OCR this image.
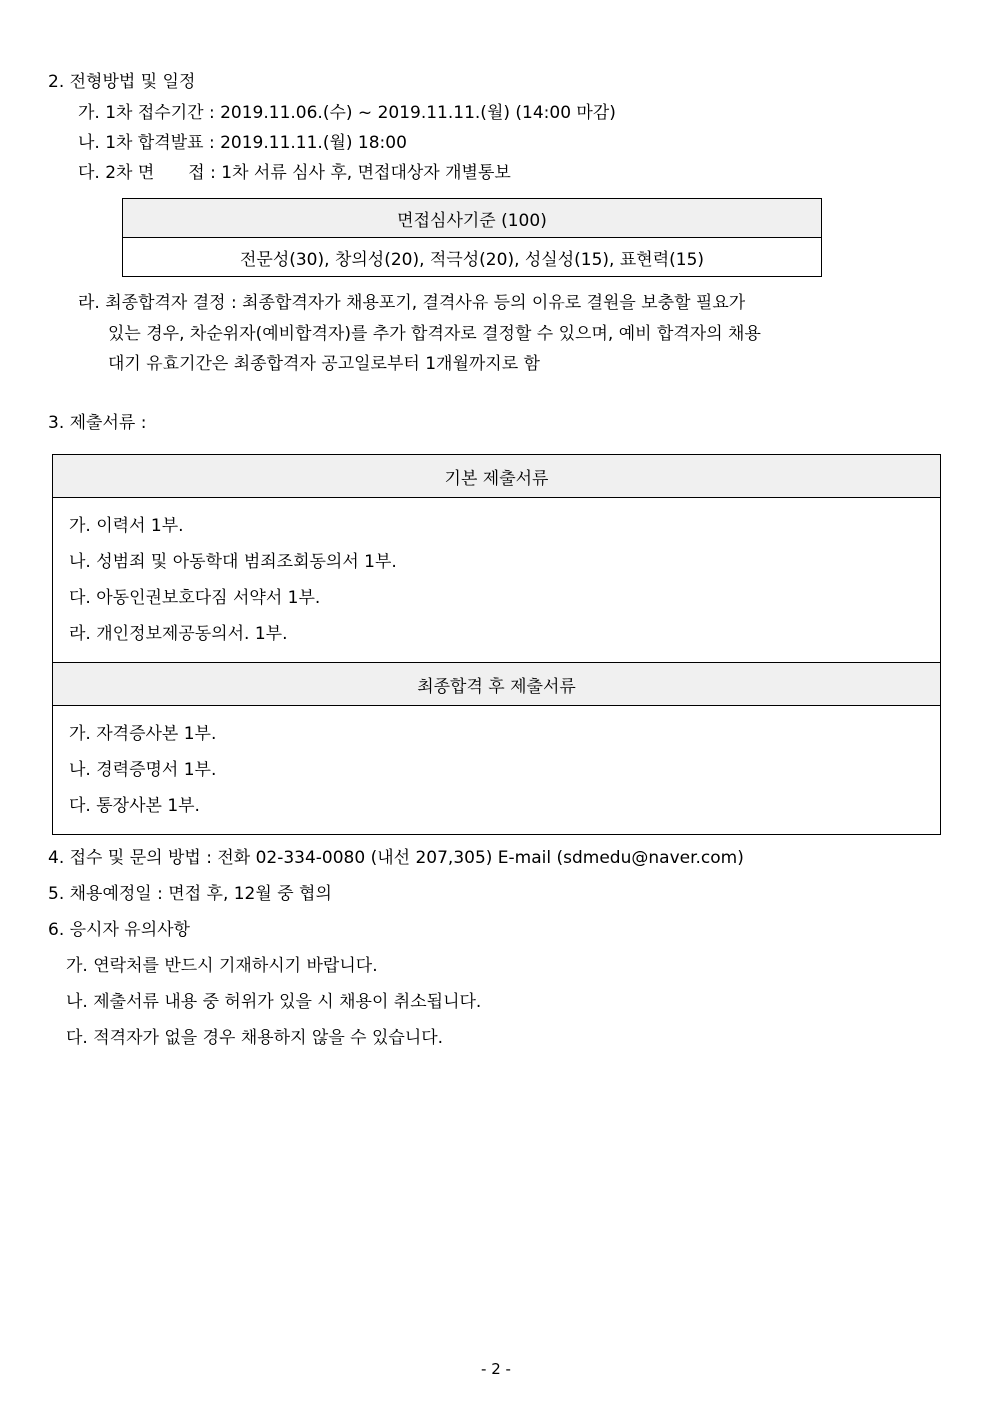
2. 전형방법 및 일정
가. 1차 접수기간 : 2019.11.06.(수) ~ 2019.11.11.(월) (14:00 마감)
나. 1차 합격발표 : 2019.11.11.(월) 18:00
다. 2차 면　　접 : 1차 서류 심사 후, 면접대상자 개별통보
면접심사기준 (100)
전문성(30), 창의성(20), 적극성(20), 성실성(15), 표현력(15)
라. 최종합격자 결정 : 최종합격자가 채용포기, 결격사유 등의 이유로 결원을 보충할 필요가
있는 경우, 차순위자(예비합격자)를 추가 합격자로 결정할 수 있으며, 예비 합격자의 채용
대기 유효기간은 최종합격자 공고일로부터 1개월까지로 함
3. 제출서류 :
기본 제출서류

가. 이력서 1부.
나. 성범죄 및 아동학대 범죄조회동의서 1부.
다. 아동인권보호다짐 서약서 1부.
라. 개인정보제공동의서. 1부.

최종합격 후 제출서류

가. 자격증사본 1부.
나. 경력증명서 1부.
다. 통장사본 1부.
4. 접수 및 문의 방법 : 전화 02-334-0080 (내선 207,305) E-mail (sdmedu@naver.com)
5. 채용예정일 : 면접 후, 12월 중 협의
6. 응시자 유의사항
가. 연락처를 반드시 기재하시기 바랍니다.
나. 제출서류 내용 중 허위가 있을 시 채용이 취소됩니다.
다. 적격자가 없을 경우 채용하지 않을 수 있습니다.
- 2 -
